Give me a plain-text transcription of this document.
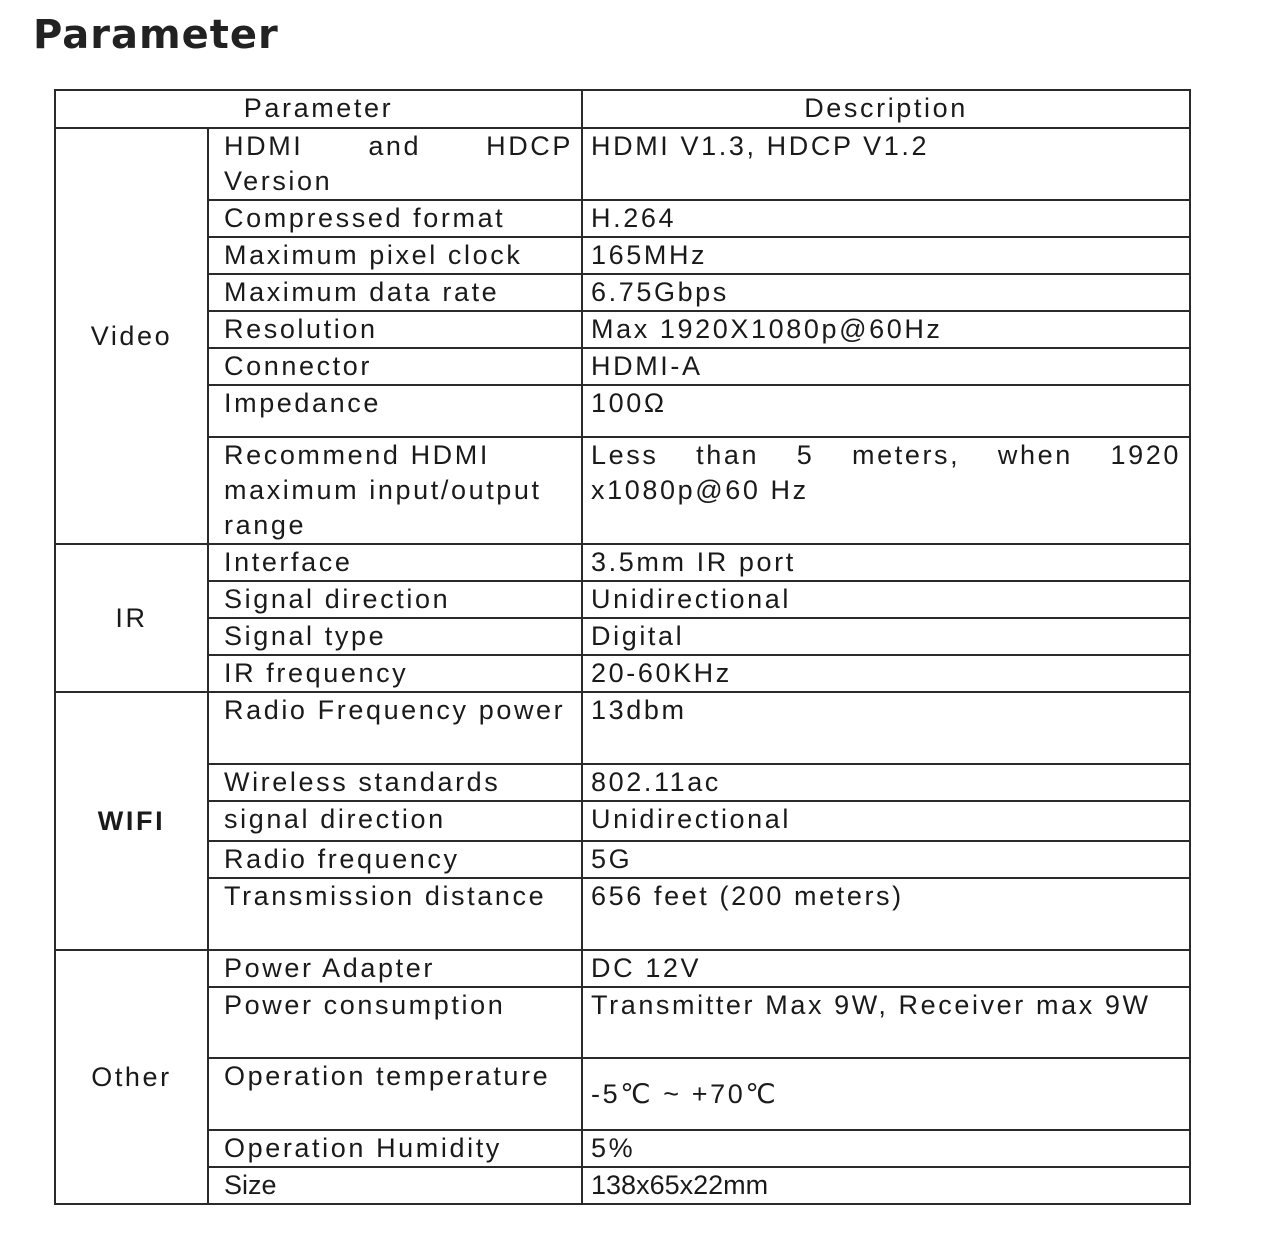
Parameter
Parameter		Description
Video	HDMI and HDCP Version	HDMI V1.3, HDCP V1.2
	Compressed format	H.264
	Maximum pixel clock	165MHz
	Maximum data rate	6.75Gbps
	Resolution	Max 1920X1080p@60Hz
	Connector	HDMI-A
	Impedance	100Ω
	Recommend HDMI maximum input/output range	Less than 5 meters, when 1920 x1080p@60 Hz
IR	Interface	3.5mm IR port
	Signal direction	Unidirectional
	Signal type	Digital
	IR frequency	20-60KHz
WIFI	Radio Frequency power	13dbm
	Wireless standards	802.11ac
	signal direction	Unidirectional
	Radio frequency	5G
	Transmission distance	656 feet (200 meters)
Other	Power Adapter	DC 12V
	Power consumption	Transmitter Max 9W, Receiver max 9W
	Operation temperature	-5℃ ~ +70℃
	Operation Humidity	5%
	Size	138x65x22mm
